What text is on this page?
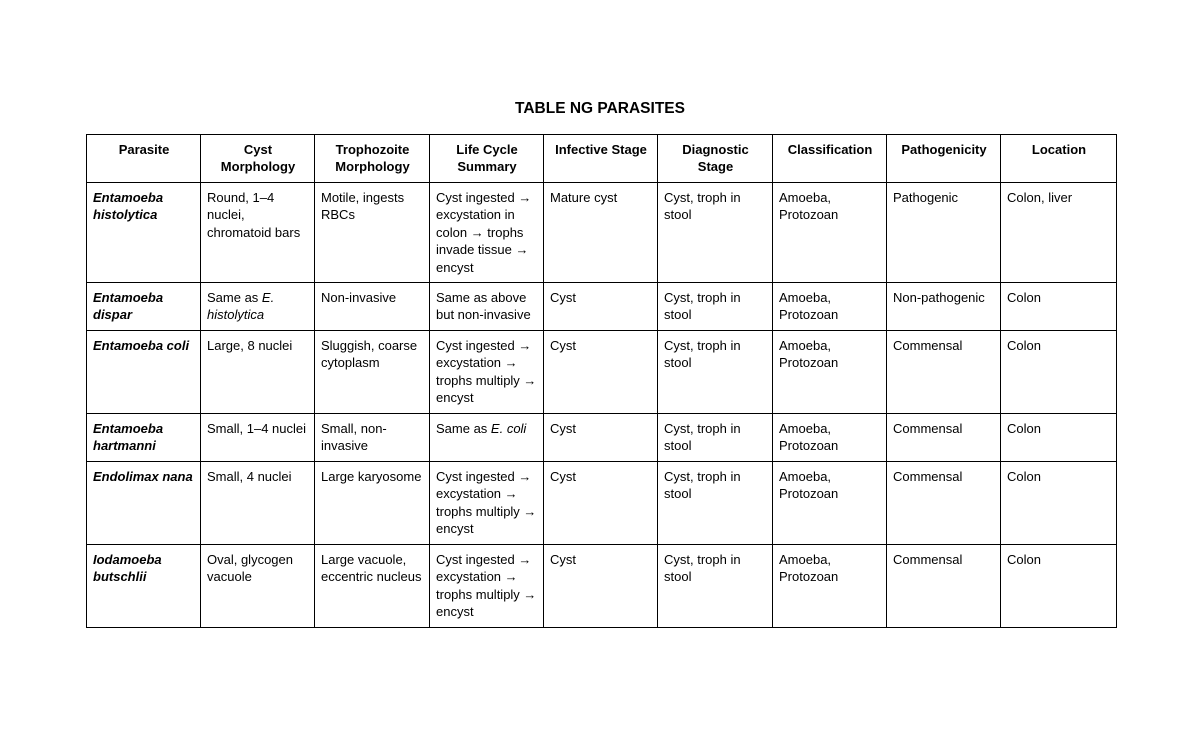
TABLE NG PARASITES
Parasite	Cyst Morphology	Trophozoite Morphology	Life Cycle Summary	Infective Stage	Diagnostic Stage	Classification	Pathogenicity	Location
Entamoeba histolytica	Round, 1–4 nuclei, chromatoid bars	Motile, ingests RBCs	Cyst ingested → excystation in colon → trophs invade tissue → encyst	Mature cyst	Cyst, troph in stool	Amoeba, Protozoan	Pathogenic	Colon, liver
Entamoeba dispar	Same as E. histolytica	Non-invasive	Same as above but non-invasive	Cyst	Cyst, troph in stool	Amoeba, Protozoan	Non-pathogenic	Colon
Entamoeba coli	Large, 8 nuclei	Sluggish, coarse cytoplasm	Cyst ingested → excystation → trophs multiply → encyst	Cyst	Cyst, troph in stool	Amoeba, Protozoan	Commensal	Colon
Entamoeba hartmanni	Small, 1–4 nuclei	Small, non-invasive	Same as E. coli	Cyst	Cyst, troph in stool	Amoeba, Protozoan	Commensal	Colon
Endolimax nana	Small, 4 nuclei	Large karyosome	Cyst ingested → excystation → trophs multiply → encyst	Cyst	Cyst, troph in stool	Amoeba, Protozoan	Commensal	Colon
Iodamoeba butschlii	Oval, glycogen vacuole	Large vacuole, eccentric nucleus	Cyst ingested → excystation → trophs multiply → encyst	Cyst	Cyst, troph in stool	Amoeba, Protozoan	Commensal	Colon
